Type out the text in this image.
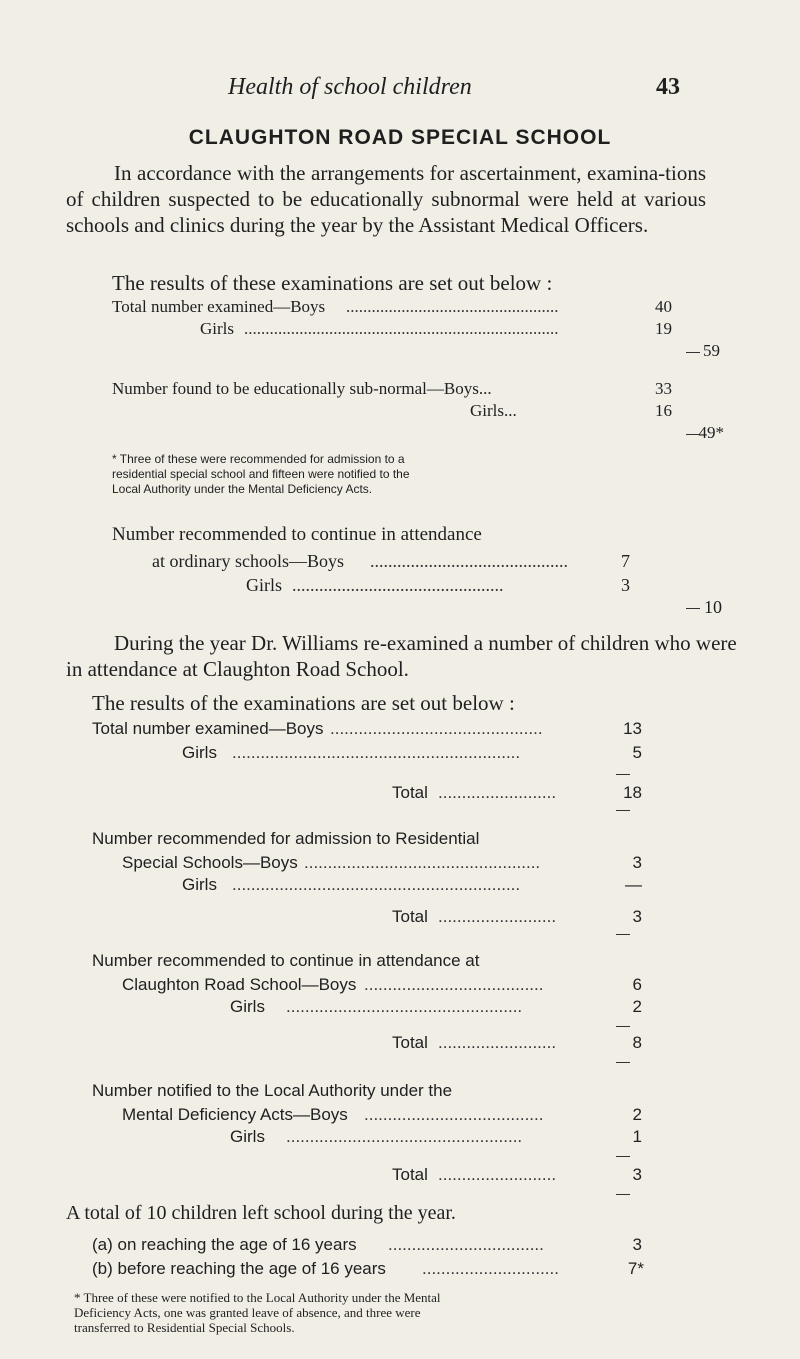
Health of school children	43
CLAUGHTON ROAD SPECIAL SCHOOL
In accordance with the arrangements for ascertainment, examina-tions of children suspected to be educationally subnormal were held at various schools and clinics during the year by the Assistant Medical Officers.
The results of these examinations are set out below :
Total number examined—Boys ..................................................	40
Girls ..........................................................................	19
59
Number found to be educationally sub-normal—Boys...	33
Girls...	16
49*
* Three of these were recommended for admission to a residential special school and fifteen were notified to the Local Authority under the Mental Deficiency Acts.
Number recommended to continue in attendance
at ordinary schools—Boys ............................................	7
Girls ...............................................	3
10
During the year Dr. Williams re-examined a number of children who were in attendance at Claughton Road School.
The results of the examinations are set out below :
Total number examined—Boys .............................................	13
Girls .............................................................	5
Total .........................	18
Number recommended for admission to Residential
Special Schools—Boys ..................................................	3
Girls .............................................................	—
Total .........................	3
Number recommended to continue in attendance at
Claughton Road School—Boys ......................................	6
Girls ..................................................	2
Total .........................	8
Number notified to the Local Authority under the
Mental Deficiency Acts—Boys ......................................	2
Girls ..................................................	1
Total .........................	3
A total of 10 children left school during the year.
(a) on reaching the age of 16 years .................................	3
(b) before reaching the age of 16 years .............................	7*
* Three of these were notified to the Local Authority under the Mental Deficiency Acts, one was granted leave of absence, and three were transferred to Residential Special Schools.
